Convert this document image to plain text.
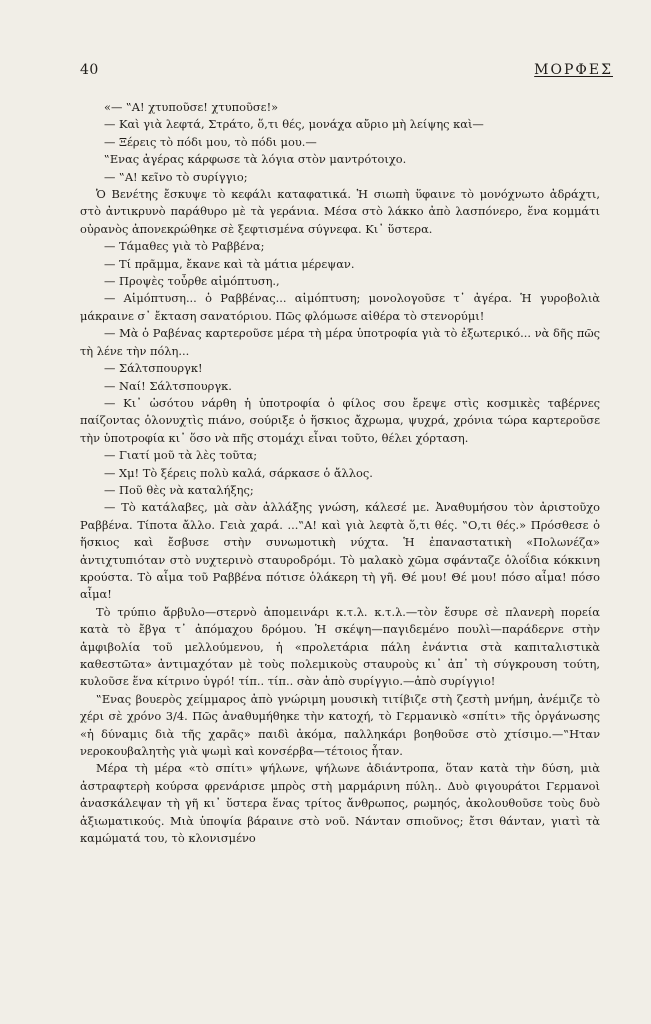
40	ΜΟΡΦΕΣ

«— ‟Α! χτυποῦσε! χτυποῦσε!»

— Καὶ γιὰ λεφτά, Στράτο, ὅ,τι θές, μονάχα αὔριο μὴ λείψης καὶ—

— Ξέρεις τὸ πόδι μου, τὸ πόδι μου.—

‟Ενας ἀγέρας κάρφωσε τὰ λόγια στὸν μαντρότοιχο.

— ‟Α! κεῖνο τὸ συρίγγιο;

Ὁ Βενέτης ἔσκυψε τὸ κεφάλι καταφατικά. Ἡ σιωπὴ ὕφαινε τὸ μονόχνωτο ἀδράχτι, στὸ ἀντικρυνὸ παράθυρο μὲ τὰ γεράνια. Μέσα στὸ λάκκο ἀπὸ λασπόνερο, ἕνα κομμάτι οὐρανὸς ἀπονεκρώθηκε σὲ ξεφτισμένα σύγνεφα. Κι᾿ ὕστερα.

— Τάμαθες γιὰ τὸ Ραββένα;

— Τί πρᾶμμα, ἔκανε καὶ τὰ μάτια μέρεψαν.

— Προψὲς τοὖρθε αἱμόπτυση.,

— Αἱμόπτυση... ὁ Ραββένας... αἱμόπτυση; μονολογοῦσε τ᾿ ἀγέρα. Ἡ γυροβολιὰ μάκραινε σ᾿ ἔκταση σανατόριου. Πῶς φλόμωσε αἰθέρα τὸ στενορύμι!

— Μὰ ὁ Ραβένας καρτεροῦσε μέρα τὴ μέρα ὑποτροφία γιὰ τὸ ἐξωτερικό... νὰ δῆς πῶς τὴ λένε τὴν πόλη...

— Σάλτσπουργκ!

— Ναί! Σάλτσπουργκ.

— Κι᾿ ὡσότου νάρθη ἡ ὑποτροφία ὁ φίλος σου ἔρεψε στὶς κοσμικὲς ταβέρνες παίζοντας ὁλονυχτὶς πιάνο, σούριξε ὁ ἥσκιος ἄχρωμα, ψυχρά, χρόνια τώρα καρτεροῦσε τὴν ὑποτροφία κι᾿ ὅσο νὰ πῆς στομάχι εἶναι τοῦτο, θέλει χόρταση.

— Γιατί μοῦ τὰ λὲς τοῦτα;

— Χμ! Τὸ ξέρεις πολὺ καλά, σάρκασε ὁ ἄλλος.

— Ποῦ θὲς νὰ καταλήξης;

— Τὸ κατάλαβες, μὰ σὰν ἀλλάξης γνώση, κάλεσέ με. Ἀναθυμήσου τὸν ἀριστοῦχο Ραββένα. Τίποτα ἄλλο. Γειὰ χαρά. ...‟Α! καὶ γιὰ λεφτὰ ὅ,τι θές. ‟Ο,τι θές.» Πρόσθεσε ὁ ἥσκιος καὶ ἔσβυσε στὴν συνωμοτικὴ νύχτα. Ἡ ἐπαναστατικὴ «Πολωνέζα» ἀντιχτυπιόταν στὸ νυχτερινὸ σταυροδρόμι. Τὸ μαλακὸ χῶμα σφάνταζε ὁλοΐδια κόκκινη κρούστα. Τὸ αἷμα τοῦ Ραββένα πότισε ὁλάκερη τὴ γῆ. Θέ μου! Θέ μου! πόσο αἷμα! πόσο αἷμα!

Τὸ τρύπιο ἄρβυλο—στερνὸ ἀπομεινάρι κ.τ.λ. κ.τ.λ.—τὸν ἔσυρε σὲ πλανερὴ πορεία κατὰ τὸ ἔβγα τ᾿ ἀπόμαχου δρόμου. Ἡ σκέψη—παγιδεμένο πουλὶ—παράδερνε στὴν ἀμφιβολία τοῦ μελλούμενου, ἡ «προλετάρια πάλη ἐνάντια στὰ καπιταλιστικὰ καθεστῶτα» ἀντιμαχόταν μὲ τοὺς πολεμικοὺς σταυροὺς κι᾿ ἀπ᾿ τὴ σύγκρουση τούτη, κυλοῦσε ἕνα κίτρινο ὑγρό! τίπ.. τίπ.. σὰν ἀπὸ συρίγγιο.—ἀπὸ συρίγγιο!

‟Ενας βουερὸς χείμμαρος ἀπὸ γνώριμη μουσικὴ τιτίβιζε στὴ ζεστὴ μνήμη, ἀνέμιζε τὸ χέρι σὲ χρόνο 3/4. Πῶς ἀναθυμήθηκε τὴν κατοχή, τὸ Γερμανικὸ «σπίτι» τῆς ὀργάνωσης «ἡ δύναμις διὰ τῆς χαρᾶς» παιδὶ ἀκόμα, παλληκάρι βοηθοῦσε στὸ χτίσιμο.—‟Ηταν νεροκουβαλητὴς γιὰ ψωμὶ καὶ κονσέρβα—τέτοιος ἦταν.

Μέρα τὴ μέρα «τὸ σπίτι» ψήλωνε, ψήλωνε ἀδιάντροπα, ὅταν κατὰ τὴν δύση, μιὰ ἀστραφτερὴ κούρσα φρενάρισε μπρὸς στὴ μαρμάρινη πύλη.. Δυὸ φιγουράτοι Γερμανοὶ ἀνασκάλεψαν τὴ γῆ κι᾿ ὕστερα ἕνας τρίτος ἄνθρωπος, ρωμηός, ἀκολουθοῦσε τοὺς δυὸ ἀξιωματικούς. Μιὰ ὑποψία βάραινε στὸ νοῦ. Νάνταν σπιοῦνος; ἔτσι θάνταν, γιατὶ τὰ καμώματά του, τὸ κλονισμένο
